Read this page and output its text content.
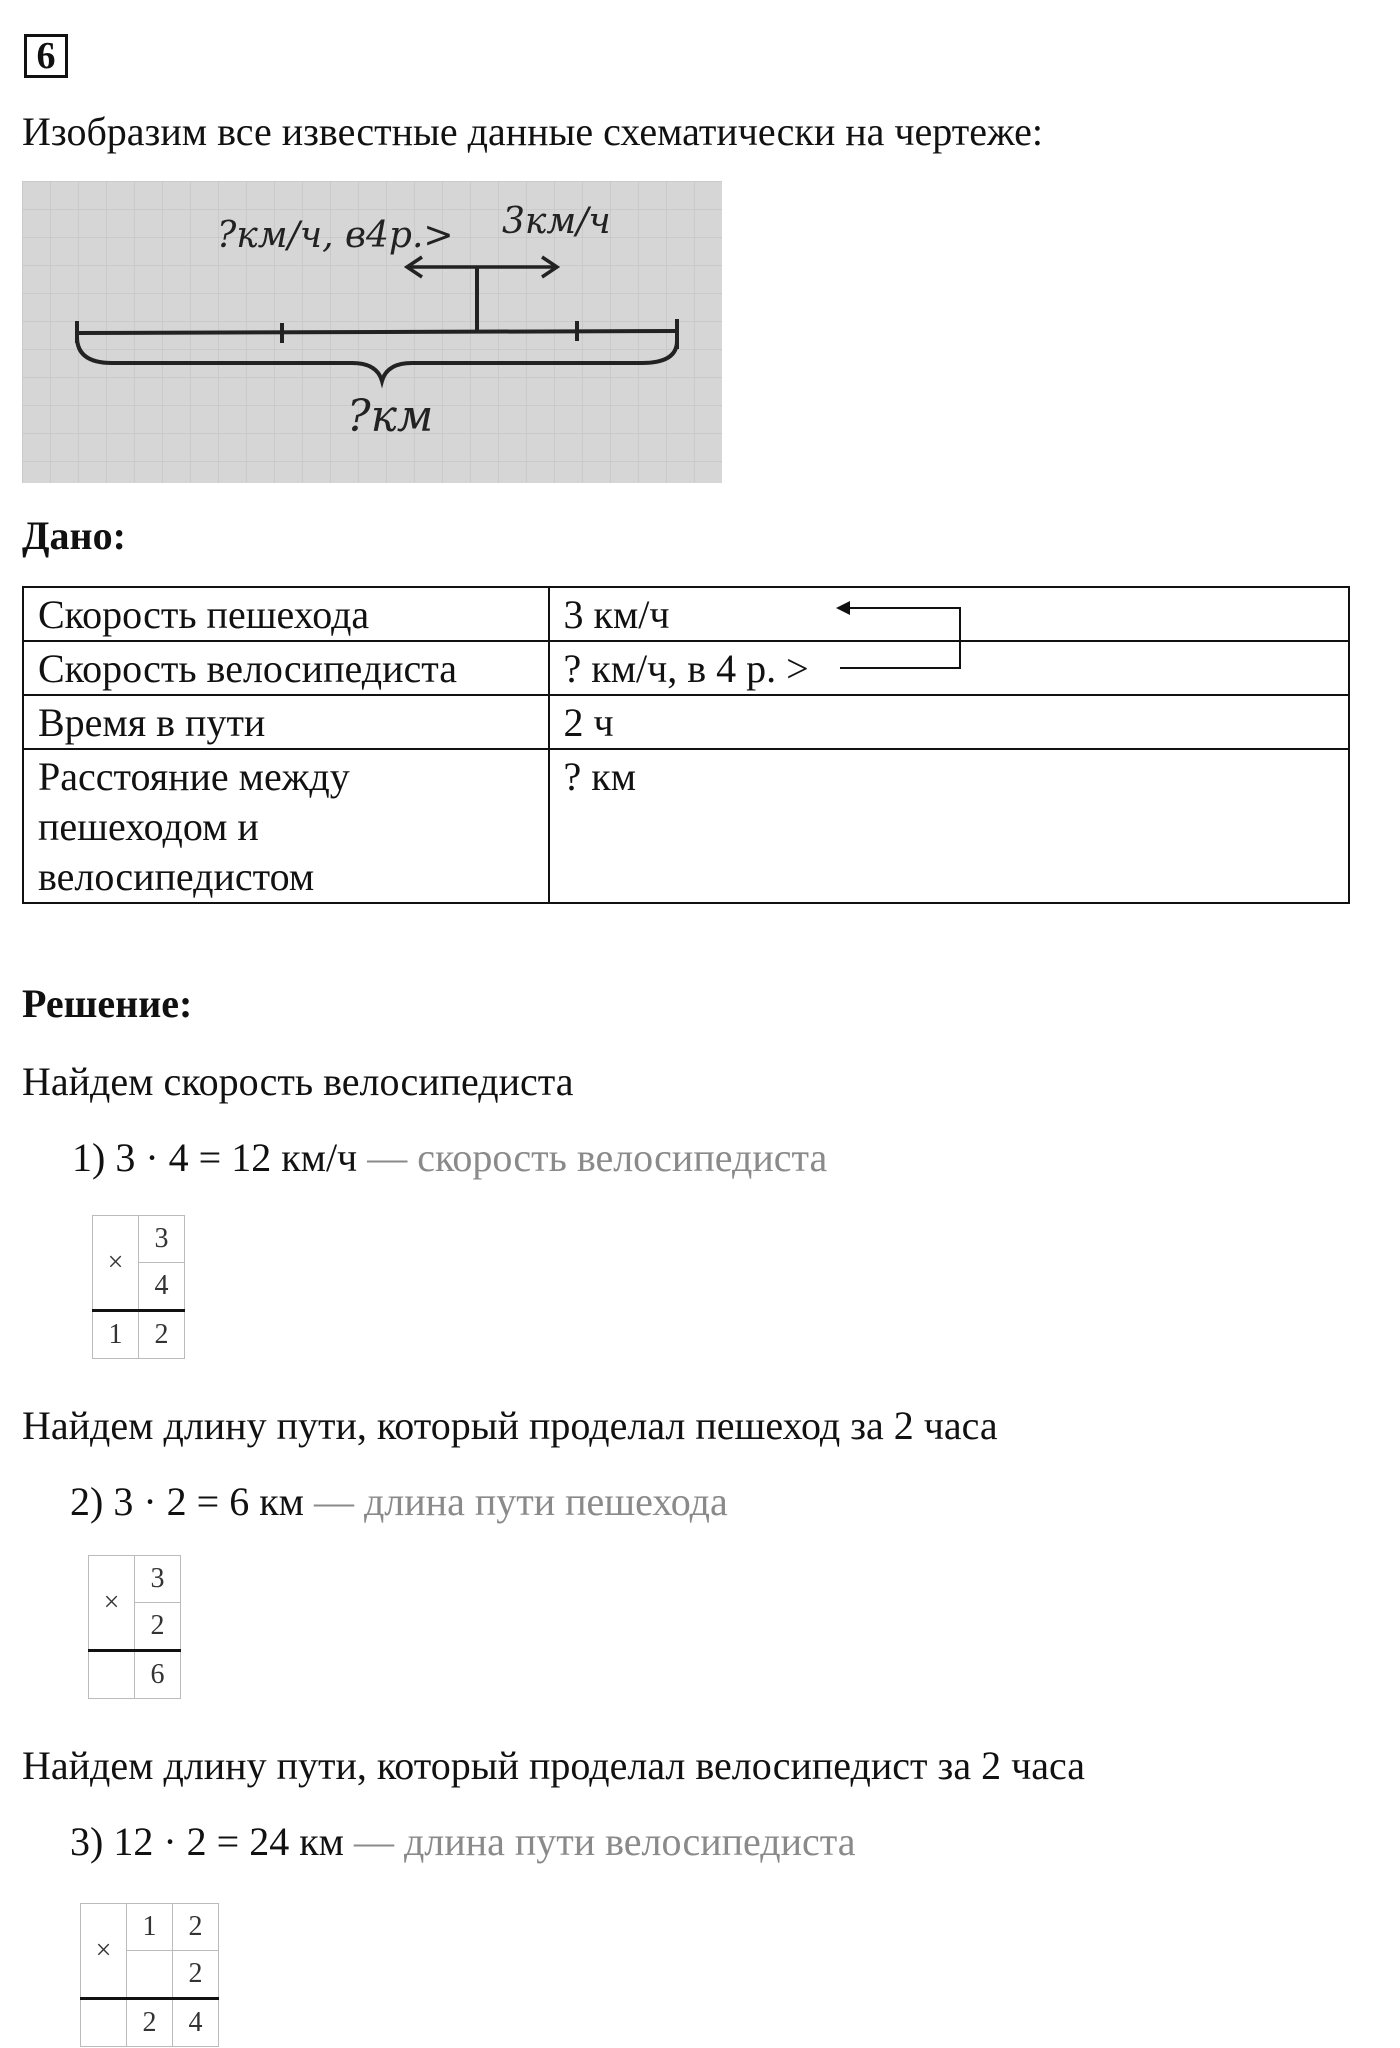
6
Изобразим все известные данные схематически на чертеже:
?км/ч, в4р.> 3км/ч
?км
Дано:
Скорость пешехода	3 км/ч
Скорость велосипедиста	? км/ч, в 4 р. >
Время в пути	2 ч

Расстояние между
пешеходом и
велосипедистом	? км
Решение:
Найдем скорость велосипедиста
1) 3 · 4 = 12 км/ч — скорость велосипедиста
×	3
	4
1	2
Найдем длину пути, который проделал пешеход за 2 часа
2) 3 · 2 = 6 км — длина пути пешехода
×	3
	2
	6
Найдем длину пути, который проделал велосипедист за 2 часа
3) 12 · 2 = 24 км — длина пути велосипедиста
×	1	2
		2
	2	4
